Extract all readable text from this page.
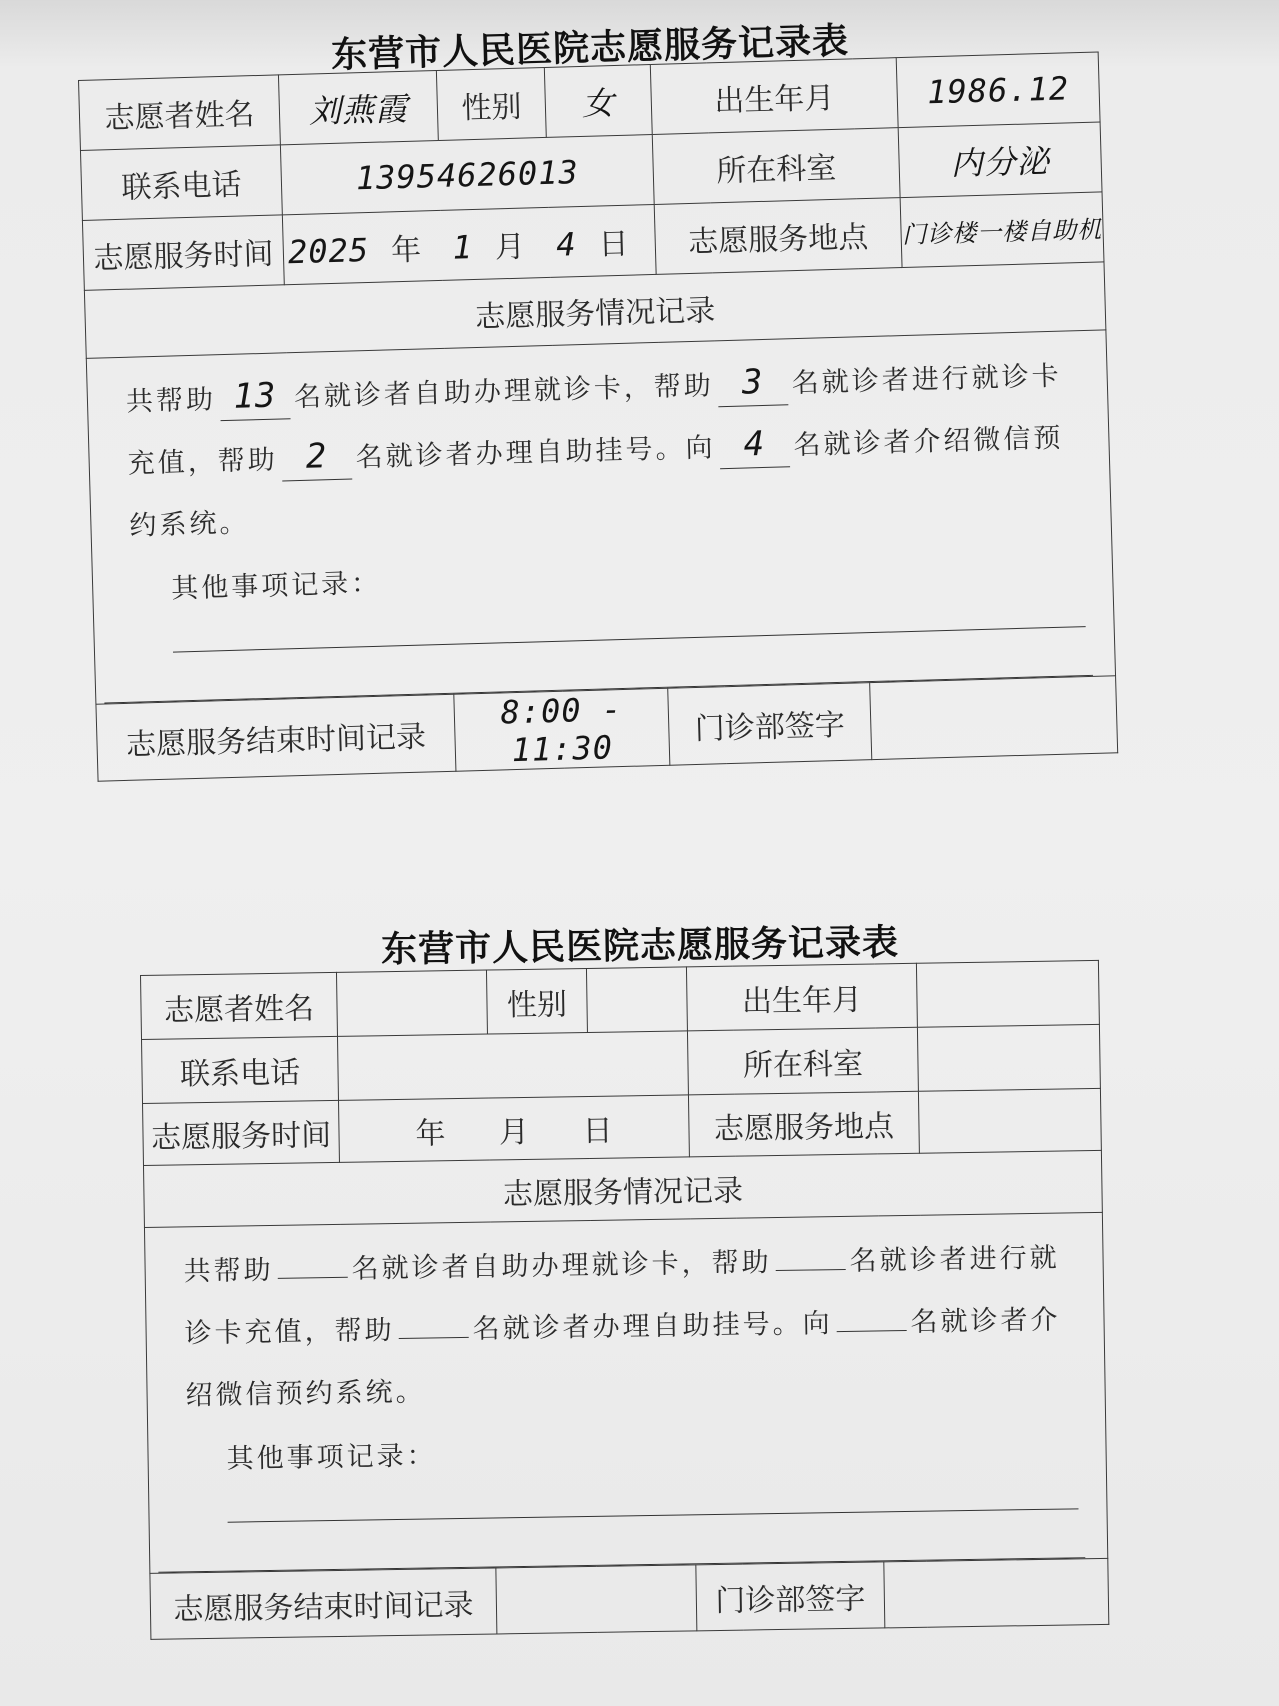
东营市人民医院志愿服务记录表
志愿者姓名	刘燕霞	性别	女	出生年月		1986.12
联系电话	13954626013			所在科室		内分泌
志愿服务时间	2025 年 1 月 4 日			志愿服务地点		门诊楼一楼自助机
志愿服务情况记录						

共帮助 13 名就诊者自助办理就诊卡，帮助 3 名就诊者进行就诊卡充值，帮助 2 名就诊者办理自助挂号。向 4 名就诊者介绍微信预约系统。
其他事项记录：						

志愿服务结束时间记录		8:00 - 11:30		门诊部签字		
东营市人民医院志愿服务记录表
志愿者姓名		性别		出生年月		
联系电话				所在科室		
志愿服务时间	年 月 日			志愿服务地点		
志愿服务情况记录						

共帮助 名就诊者自助办理就诊卡，帮助 名就诊者进行就诊卡充值，帮助 名就诊者办理自助挂号。向 名就诊者介绍微信预约系统。
其他事项记录：						

志愿服务结束时间记录				门诊部签字		
